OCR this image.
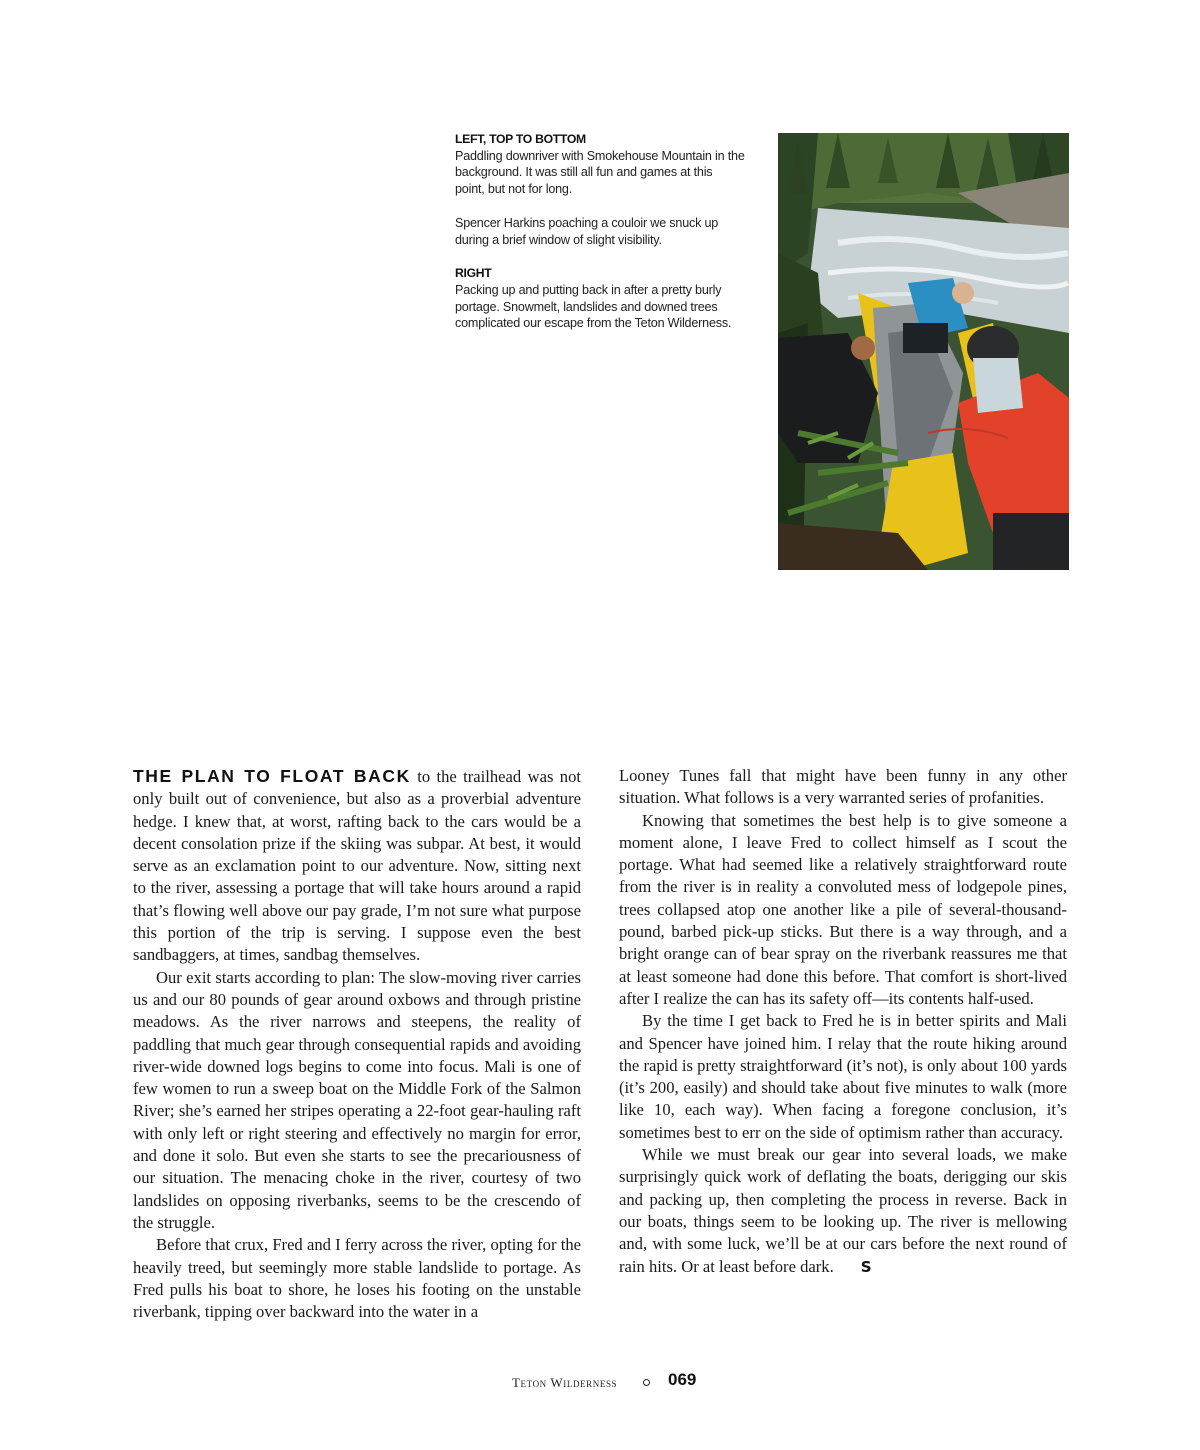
LEFT, TOP TO BOTTOM
Paddling downriver with Smokehouse Mountain in the background. It was still all fun and games at this point, but not for long.
Spencer Harkins poaching a couloir we snuck up during a brief window of slight visibility.
RIGHT
Packing up and putting back in after a pretty burly portage. Snowmelt, landslides and downed trees complicated our escape from the Teton Wilderness.

THE PLAN TO FLOAT BACK to the trailhead was not only built out of convenience, but also as a proverbial adventure hedge. I knew that, at worst, rafting back to the cars would be a decent consolation prize if the skiing was subpar. At best, it would serve as an exclamation point to our adventure. Now, sitting next to the river, assessing a portage that will take hours around a rapid that’s flowing well above our pay grade, I’m not sure what purpose this portion of the trip is serving. I suppose even the best sandbaggers, at times, sandbag themselves.

Our exit starts according to plan: The slow-moving river carries us and our 80 pounds of gear around oxbows and through pristine meadows. As the river narrows and steepens, the reality of paddling that much gear through consequential rapids and avoiding river-wide downed logs begins to come into focus. Mali is one of few women to run a sweep boat on the Middle Fork of the Salmon River; she’s earned her stripes operating a 22-foot gear-hauling raft with only left or right steering and effectively no margin for error, and done it solo. But even she starts to see the precariousness of our situation. The menacing choke in the river, courtesy of two landslides on opposing riverbanks, seems to be the crescendo of the struggle.

Before that crux, Fred and I ferry across the river, opting for the heavily treed, but seemingly more stable landslide to portage. As Fred pulls his boat to shore, he loses his footing on the unstable riverbank, tipping over backward into the water in a

Looney Tunes fall that might have been funny in any other situation. What follows is a very warranted series of profanities.

Knowing that sometimes the best help is to give someone a moment alone, I leave Fred to collect himself as I scout the portage. What had seemed like a relatively straightforward route from the river is in reality a convoluted mess of lodgepole pines, trees collapsed atop one another like a pile of several-thousand-pound, barbed pick-up sticks. But there is a way through, and a bright orange can of bear spray on the riverbank reassures me that at least someone had done this before. That comfort is short-lived after I realize the can has its safety off—its contents half-used.

By the time I get back to Fred he is in better spirits and Mali and Spencer have joined him. I relay that the route hiking around the rapid is pretty straightforward (it’s not), is only about 100 yards (it’s 200, easily) and should take about five minutes to walk (more like 10, each way). When facing a foregone conclusion, it’s sometimes best to err on the side of optimism rather than accuracy.

While we must break our gear into several loads, we make surprisingly quick work of deflating the boats, derigging our skis and packing up, then completing the process in reverse. Back in our boats, things seem to be looking up. The river is mellowing and, with some luck, we’ll be at our cars before the next round of rain hits. Or at least before dark. S

Teton Wilderness	069
